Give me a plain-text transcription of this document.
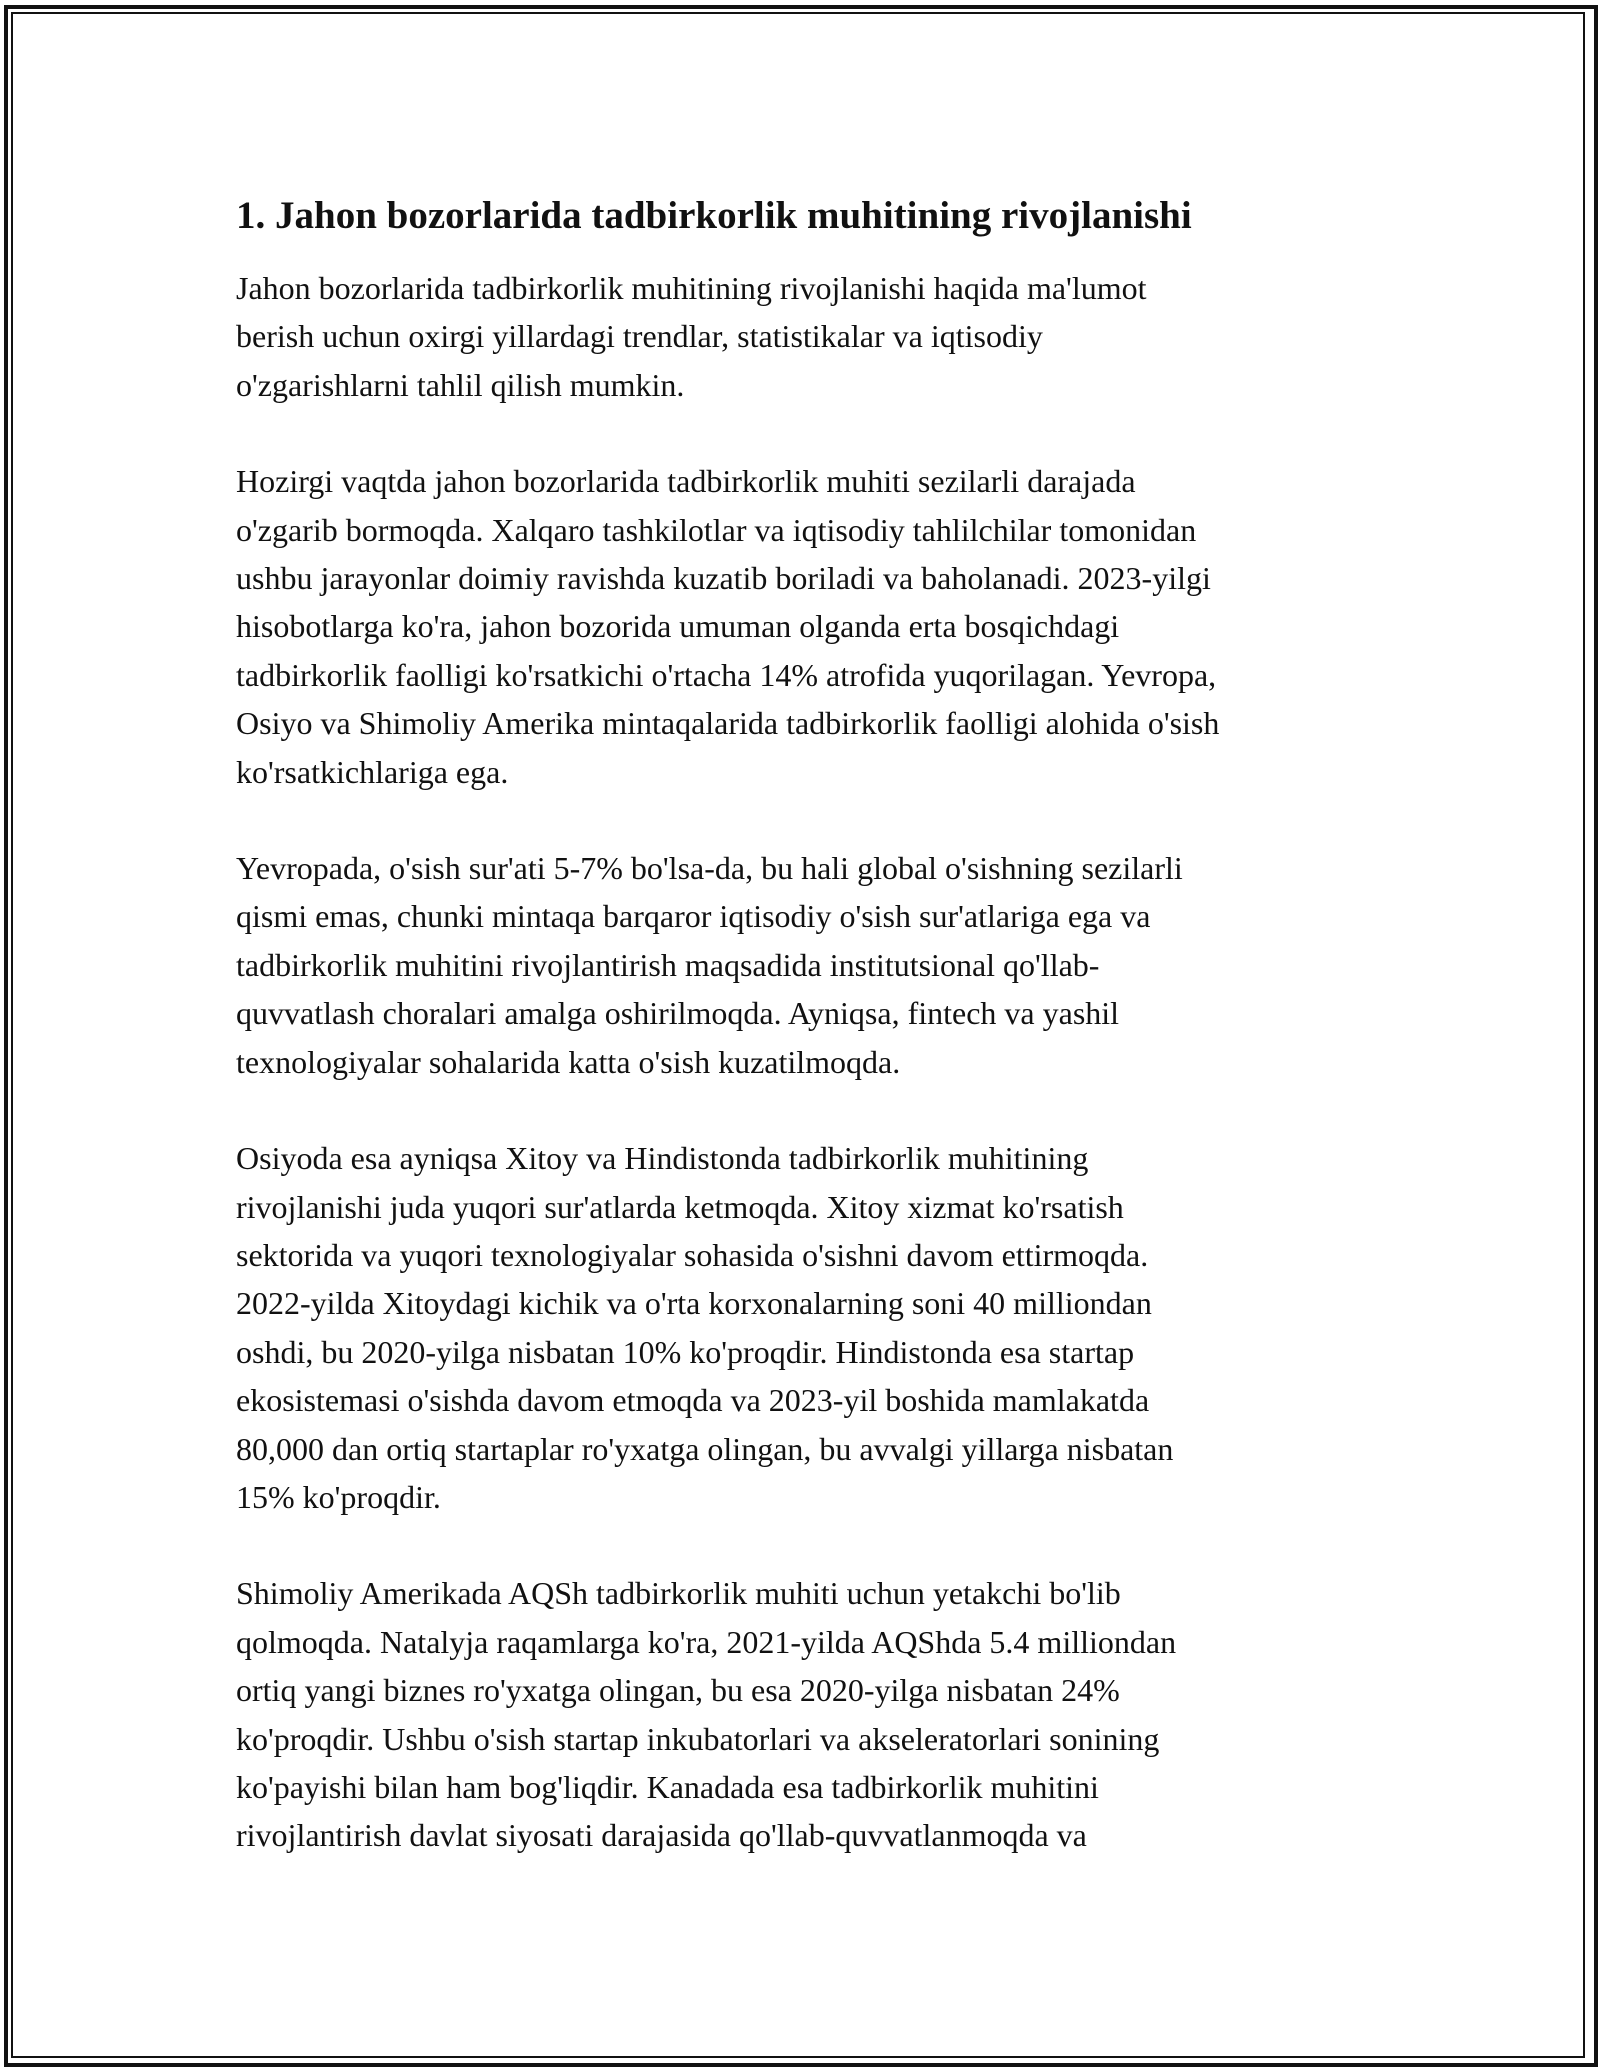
1. Jahon bozorlarida tadbirkorlik muhitining rivojlanishi

Jahon bozorlarida tadbirkorlik muhitining rivojlanishi haqida ma'lumot
berish uchun oxirgi yillardagi trendlar, statistikalar va iqtisodiy
o'zgarishlarni tahlil qilish mumkin.

Hozirgi vaqtda jahon bozorlarida tadbirkorlik muhiti sezilarli darajada
o'zgarib bormoqda. Xalqaro tashkilotlar va iqtisodiy tahlilchilar tomonidan
ushbu jarayonlar doimiy ravishda kuzatib boriladi va baholanadi. 2023-yilgi
hisobotlarga ko'ra, jahon bozorida umuman olganda erta bosqichdagi
tadbirkorlik faolligi ko'rsatkichi o'rtacha 14% atrofida yuqorilagan. Yevropa,
Osiyo va Shimoliy Amerika mintaqalarida tadbirkorlik faolligi alohida o'sish
ko'rsatkichlariga ega.

Yevropada, o'sish sur'ati 5-7% bo'lsa-da, bu hali global o'sishning sezilarli
qismi emas, chunki mintaqa barqaror iqtisodiy o'sish sur'atlariga ega va
tadbirkorlik muhitini rivojlantirish maqsadida institutsional qo'llab-
quvvatlash choralari amalga oshirilmoqda. Ayniqsa, fintech va yashil
texnologiyalar sohalarida katta o'sish kuzatilmoqda.

Osiyoda esa ayniqsa Xitoy va Hindistonda tadbirkorlik muhitining
rivojlanishi juda yuqori sur'atlarda ketmoqda. Xitoy xizmat ko'rsatish
sektorida va yuqori texnologiyalar sohasida o'sishni davom ettirmoqda.
2022-yilda Xitoydagi kichik va o'rta korxonalarning soni 40 milliondan
oshdi, bu 2020-yilga nisbatan 10% ko'proqdir. Hindistonda esa startap
ekosistemasi o'sishda davom etmoqda va 2023-yil boshida mamlakatda
80,000 dan ortiq startaplar ro'yxatga olingan, bu avvalgi yillarga nisbatan
15% ko'proqdir.

Shimoliy Amerikada AQSh tadbirkorlik muhiti uchun yetakchi bo'lib
qolmoqda. Natalyja raqamlarga ko'ra, 2021-yilda AQShda 5.4 milliondan
ortiq yangi biznes ro'yxatga olingan, bu esa 2020-yilga nisbatan 24%
ko'proqdir. Ushbu o'sish startap inkubatorlari va akseleratorlari sonining
ko'payishi bilan ham bog'liqdir. Kanadada esa tadbirkorlik muhitini
rivojlantirish davlat siyosati darajasida qo'llab-quvvatlanmoqda va
